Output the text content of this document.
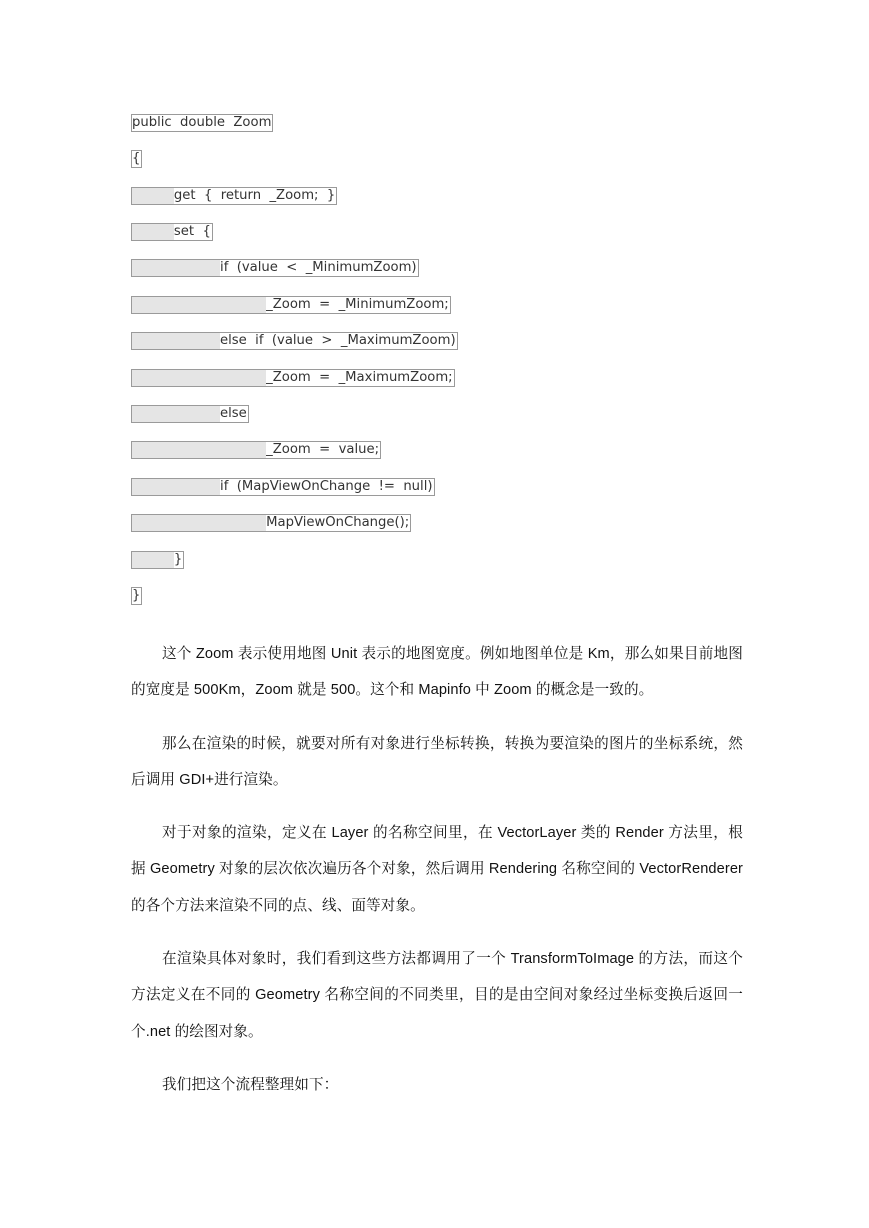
public  double  Zoom
{
get  {  return  _Zoom;  }
set  {
if  (value  <  _MinimumZoom)
_Zoom  =  _MinimumZoom;
else  if  (value  >  _MaximumZoom)
_Zoom  =  _MaximumZoom;
else
_Zoom  =  value;
if  (MapViewOnChange  !=  null)
MapViewOnChange();
}
}

这个 Zoom 表示使用地图 Unit 表示的地图宽度。例如地图单位是 Km，那么如果目前地图的宽度是 500Km，Zoom 就是 500。这个和 Mapinfo 中 Zoom 的概念是一致的。

那么在渲染的时候，就要对所有对象进行坐标转换，转换为要渲染的图片的坐标系统，然后调用 GDI+进行渲染。

对于对象的渲染，定义在 Layer 的名称空间里，在 VectorLayer 类的 Render 方法里，根据 Geometry 对象的层次依次遍历各个对象，然后调用 Rendering 名称空间的 VectorRenderer 的各个方法来渲染不同的点、线、面等对象。

在渲染具体对象时，我们看到这些方法都调用了一个 TransformToImage 的方法，而这个方法定义在不同的 Geometry 名称空间的不同类里，目的是由空间对象经过坐标变换后返回一个.net 的绘图对象。

我们把这个流程整理如下：
